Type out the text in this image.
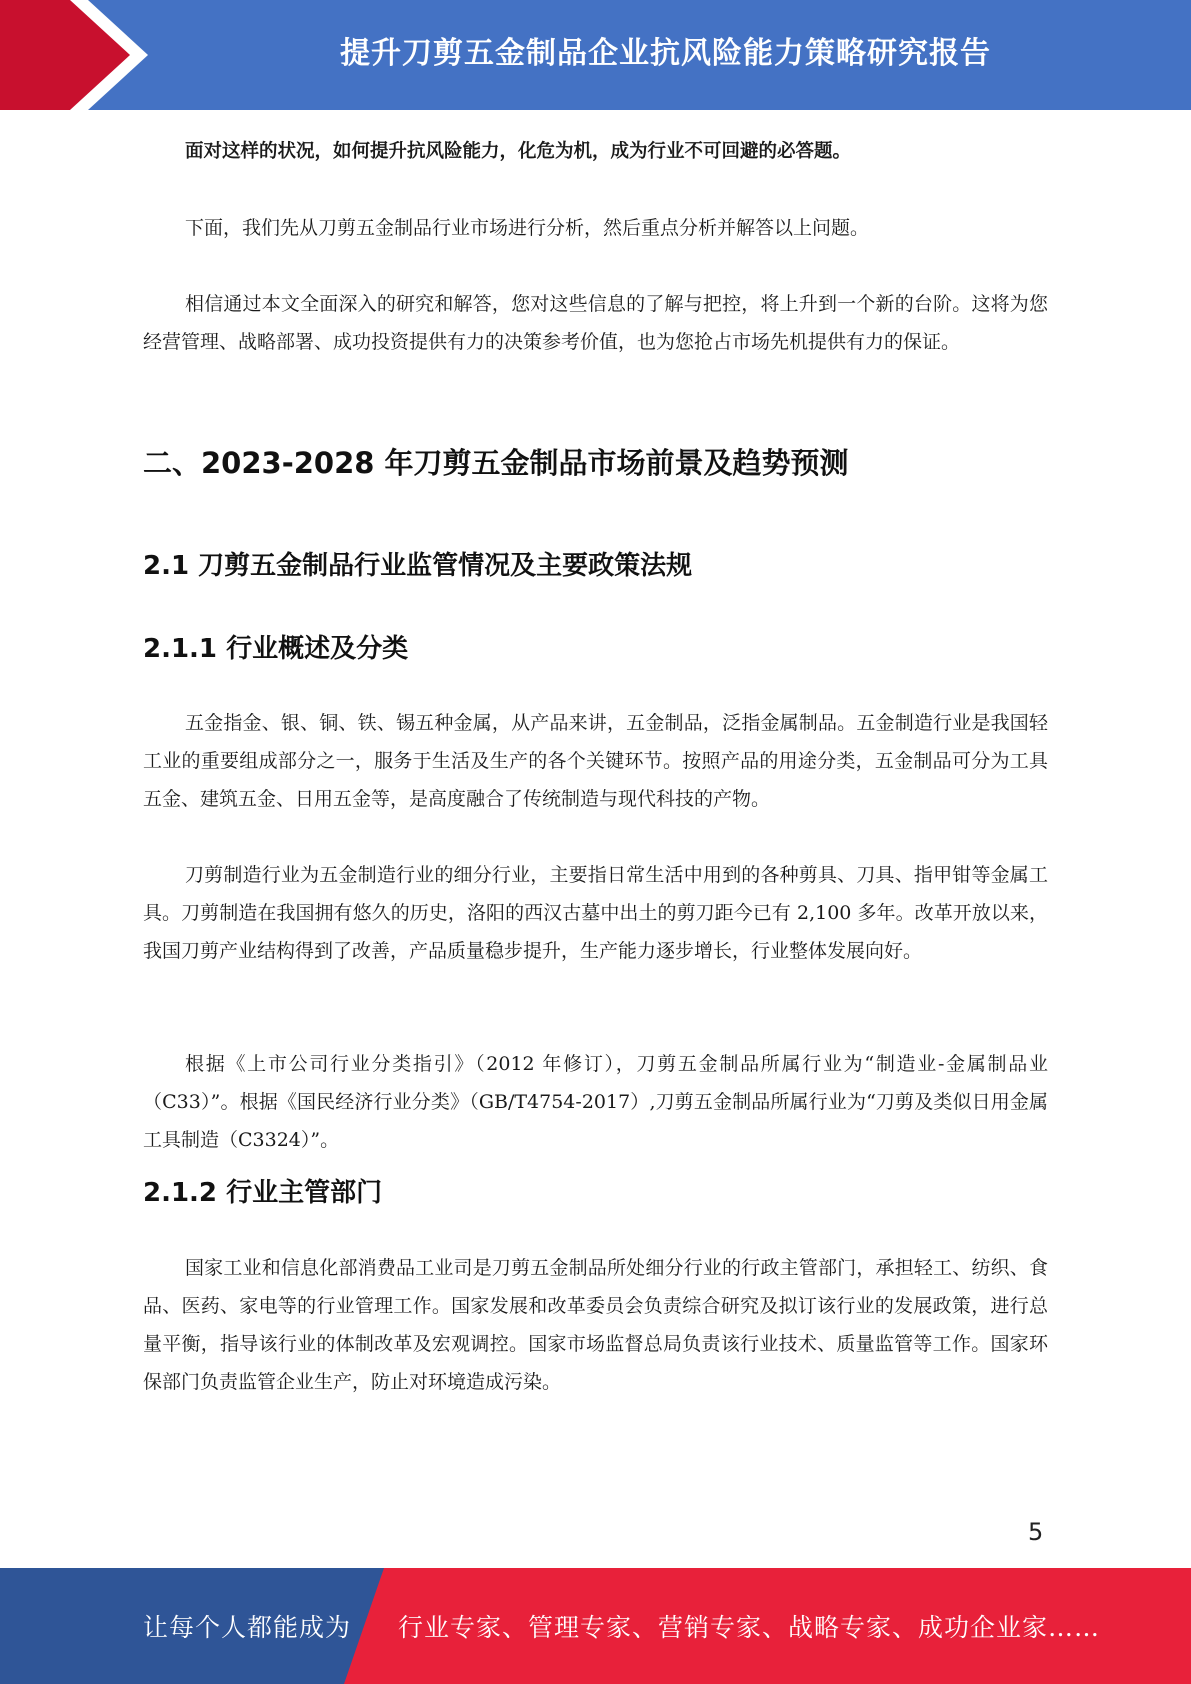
提升刀剪五金制品企业抗风险能力策略研究报告

面对这样的状况，如何提升抗风险能力，化危为机，成为行业不可回避的必答题。

下面，我们先从刀剪五金制品行业市场进行分析，然后重点分析并解答以上问题。

相信通过本文全面深入的研究和解答，您对这些信息的了解与把控，将上升到一个新的台阶。这将为您经营管理、战略部署、成功投资提供有力的决策参考价值，也为您抢占市场先机提供有力的保证。

二、2023-2028 年刀剪五金制品市场前景及趋势预测
2.1 刀剪五金制品行业监管情况及主要政策法规
2.1.1 行业概述及分类

五金指金、银、铜、铁、锡五种金属，从产品来讲，五金制品，泛指金属制品。五金制造行业是我国轻工业的重要组成部分之一，服务于生活及生产的各个关键环节。按照产品的用途分类，五金制品可分为工具五金、建筑五金、日用五金等，是高度融合了传统制造与现代科技的产物。

刀剪制造行业为五金制造行业的细分行业，主要指日常生活中用到的各种剪具、刀具、指甲钳等金属工具。刀剪制造在我国拥有悠久的历史，洛阳的西汉古墓中出土的剪刀距今已有 2,100 多年。改革开放以来，我国刀剪产业结构得到了改善，产品质量稳步提升，生产能力逐步增长，行业整体发展向好。

根据《上市公司行业分类指引》（2012 年修订），刀剪五金制品所属行业为“制造业-金属制品业（C33）”。根据《国民经济行业分类》（GB/T4754-2017）,刀剪五金制品所属行业为“刀剪及类似日用金属工具制造（C3324）”。

2.1.2 行业主管部门

国家工业和信息化部消费品工业司是刀剪五金制品所处细分行业的行政主管部门，承担轻工、纺织、食品、医药、家电等的行业管理工作。国家发展和改革委员会负责综合研究及拟订该行业的发展政策，进行总量平衡，指导该行业的体制改革及宏观调控。国家市场监督总局负责该行业技术、质量监管等工作。国家环保部门负责监管企业生产，防止对环境造成污染。

5
让每个人都能成为 行业专家、管理专家、营销专家、战略专家、成功企业家……
